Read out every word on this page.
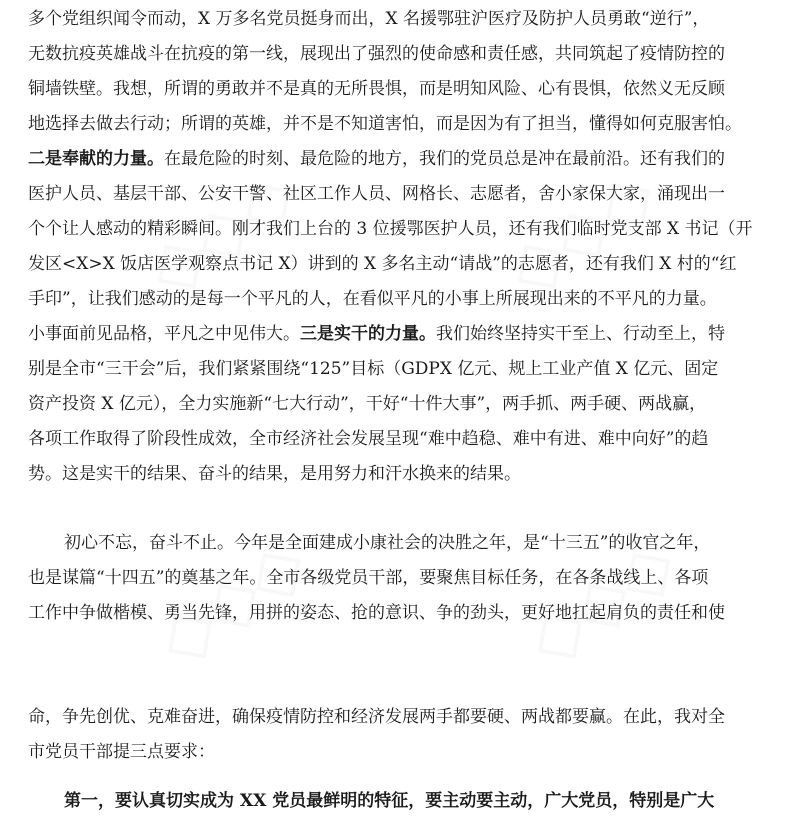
◇◇◇	◇◇◇
◇◇◇	◇◇◇
多个党组织闻令而动，X 万多名党员挺身而出，X 名援鄂驻沪医疗及防护人员勇敢“逆行”，
无数抗疫英雄战斗在抗疫的第一线，展现出了强烈的使命感和责任感，共同筑起了疫情防控的
铜墙铁壁。我想，所谓的勇敢并不是真的无所畏惧，而是明知风险、心有畏惧，依然义无反顾
地选择去做去行动；所谓的英雄，并不是不知道害怕，而是因为有了担当，懂得如何克服害怕。
二是奉献的力量。在最危险的时刻、最危险的地方，我们的党员总是冲在最前沿。还有我们的
医护人员、基层干部、公安干警、社区工作人员、网格长、志愿者，舍小家保大家，涌现出一
个个让人感动的精彩瞬间。刚才我们上台的 3 位援鄂医护人员，还有我们临时党支部 X 书记（开
发区<X>X 饭店医学观察点书记 X）讲到的 X 多名主动“请战”的志愿者，还有我们 X 村的“红
手印”，让我们感动的是每一个平凡的人，在看似平凡的小事上所展现出来的不平凡的力量。
小事面前见品格，平凡之中见伟大。三是实干的力量。我们始终坚持实干至上、行动至上，特
别是全市“三干会”后，我们紧紧围绕“125”目标（GDPX 亿元、规上工业产值 X 亿元、固定
资产投资 X 亿元），全力实施新“七大行动”，干好“十件大事”，两手抓、两手硬、两战赢，
各项工作取得了阶段性成效，全市经济社会发展呈现“难中趋稳、难中有进、难中向好”的趋
势。这是实干的结果、奋斗的结果，是用努力和汗水换来的结果。
初心不忘，奋斗不止。今年是全面建成小康社会的决胜之年，是“十三五”的收官之年，
也是谋篇“十四五”的奠基之年。全市各级党员干部，要聚焦目标任务，在各条战线上、各项
工作中争做楷模、勇当先锋，用拼的姿态、抢的意识、争的劲头，更好地扛起肩负的责任和使
命，争先创优、克难奋进，确保疫情防控和经济发展两手都要硬、两战都要赢。在此，我对全
市党员干部提三点要求：
第一，要认真切实成为 XX 党员最鲜明的特征，要主动要主动，广大党员，特别是广大
